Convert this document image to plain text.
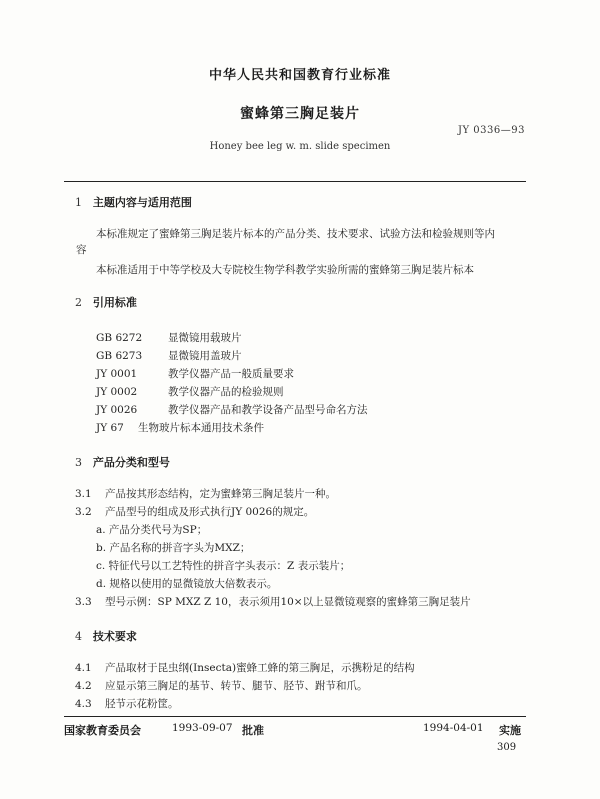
中华人民共和国教育行业标准
蜜蜂第三胸足装片
JY 0336—93
Honey bee leg w. m. slide specimen
1 主题内容与适用范围
本标准规定了蜜蜂第三胸足装片标本的产品分类、技术要求、试验方法和检验规则等内
容
本标准适用于中等学校及大专院校生物学科教学实验所需的蜜蜂第三胸足装片标本
2 引用标准
GB 6272 显微镜用载玻片
GB 6273 显微镜用盖玻片
JY 0001	教学仪器产品一般质量要求
JY 0002	教学仪器产品的检验规则
JY 0026	教学仪器产品和教学设备产品型号命名方法
JY 67 生物玻片标本通用技术条件
3 产品分类和型号
3.1 产品按其形态结构，定为蜜蜂第三胸足装片一种。
3.2 产品型号的组成及形式执行JY 0026的规定。
a. 产品分类代号为SP；
b. 产品名称的拼音字头为MXZ；
c. 特征代号以工艺特性的拼音字头表示：Z 表示装片；
d. 规格以使用的显微镜放大倍数表示。
3.3 型号示例：SP MXZ Z 10，表示须用10×以上显微镜观察的蜜蜂第三胸足装片
4 技术要求
4.1 产品取材于昆虫纲(Insecta)蜜蜂工蜂的第三胸足，示携粉足的结构
4.2 应显示第三胸足的基节、转节、腿节、胫节、跗节和爪。
4.3 胫节示花粉筐。
国家教育委员会	1993-09-07 批准	1994-04-01 实施
309
